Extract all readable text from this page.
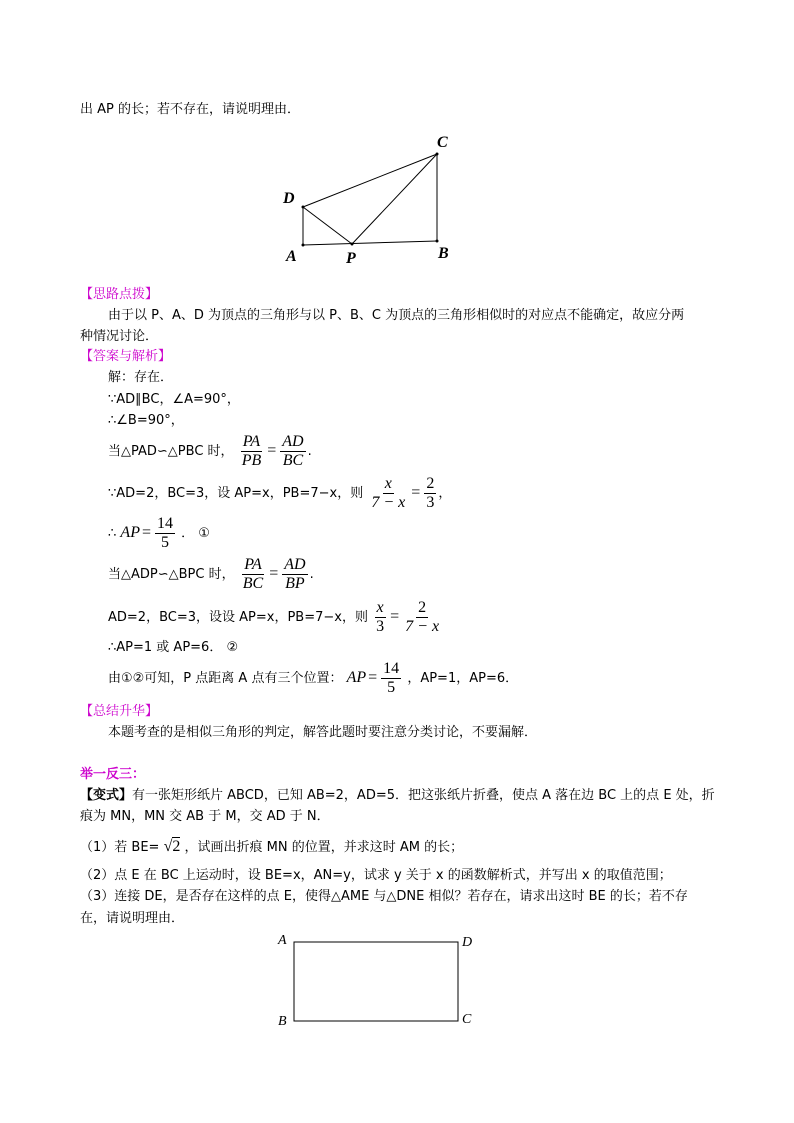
出 AP 的长；若不存在，请说明理由．
C
D
A	P	B
【思路点拨】
由于以 P、A、D 为顶点的三角形与以 P、B、C 为顶点的三角形相似时的对应点不能确定，故应分两
种情况讨论．
【答案与解析】
解：存在．
∵AD∥BC，∠A=90°，
∴∠B=90°，
当△PAD∽△PBC 时， $\frac{PA}{PB} = \frac{AD}{BC}$ .
∵AD=2，BC=3，设 AP=x，PB=7−x，则 $\frac{x}{7 - x} = \frac{2}{3}$ ，
∴ AP = $\frac{14}{5}$ ． ①
当△ADP∽△BPC 时， $\frac{PA}{BC} = \frac{AD}{BP}$ .
AD=2，BC=3，设设 AP=x，PB=7−x，则 $\frac{x}{3} = \frac{2}{7 - x}$
∴AP=1 或 AP=6． ②
由①②可知，P 点距离 A 点有三个位置： AP = $\frac{14}{5}$ ，AP=1，AP=6．
【总结升华】
本题考查的是相似三角形的判定，解答此题时要注意分类讨论，不要漏解．
举一反三：
【变式】有一张矩形纸片 ABCD，已知 AB=2，AD=5．把这张纸片折叠，使点 A 落在边 BC 上的点 E 处，折
痕为 MN，MN 交 AB 于 M，交 AD 于 N．
（1）若 BE= √2 ，试画出折痕 MN 的位置，并求这时 AM 的长；
（2）点 E 在 BC 上运动时，设 BE=x，AN=y，试求 y 关于 x 的函数解析式，并写出 x 的取值范围；
（3）连接 DE，是否存在这样的点 E，使得△AME 与△DNE 相似？若存在，请求出这时 BE 的长；若不存
在，请说明理由．
A	D
B	C
